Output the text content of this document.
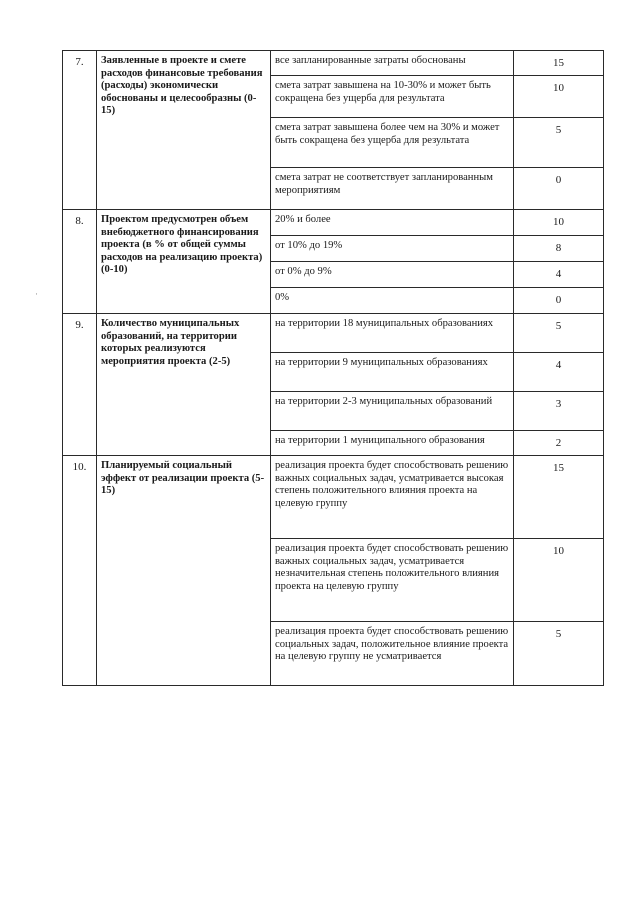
·
7.	Заявленные в проекте и смете расходов финансовые требования (расходы) экономически обоснованы и целесообразны (0-15)	все запланированные затраты обоснованы	15
		смета затрат завышена на 10-30% и может быть сокращена без ущерба для результата	10
		смета затрат завышена более чем на 30% и может быть сокращена без ущерба для результата	5
		смета затрат не соответствует запланированным мероприятиям	0
8.	Проектом предусмотрен объем внебюджетного финансирования проекта (в % от общей суммы расходов на реализацию проекта) (0-10)	20% и более	10
		от 10% до 19%	8
		от 0% до 9%	4
		0%	0
9.	Количество муниципальных образований, на территории которых реализуются мероприятия проекта (2-5)	на территории 18 муниципальных образованиях	5
		на территории 9 муниципальных образованиях	4
		на территории 2-3 муниципальных образований	3
		на территории 1 муниципального образования	2
10.	Планируемый социальный эффект от реализации проекта (5-15)	реализация проекта будет способствовать решению важных социальных задач, усматривается высокая степень положительного влияния проекта на целевую группу	15
		реализация проекта будет способствовать решению важных социальных задач, усматривается незначительная степень положительного влияния проекта на целевую группу	10
		реализация проекта будет способствовать решению социальных задач, положительное влияние проекта на целевую группу не усматривается	5
